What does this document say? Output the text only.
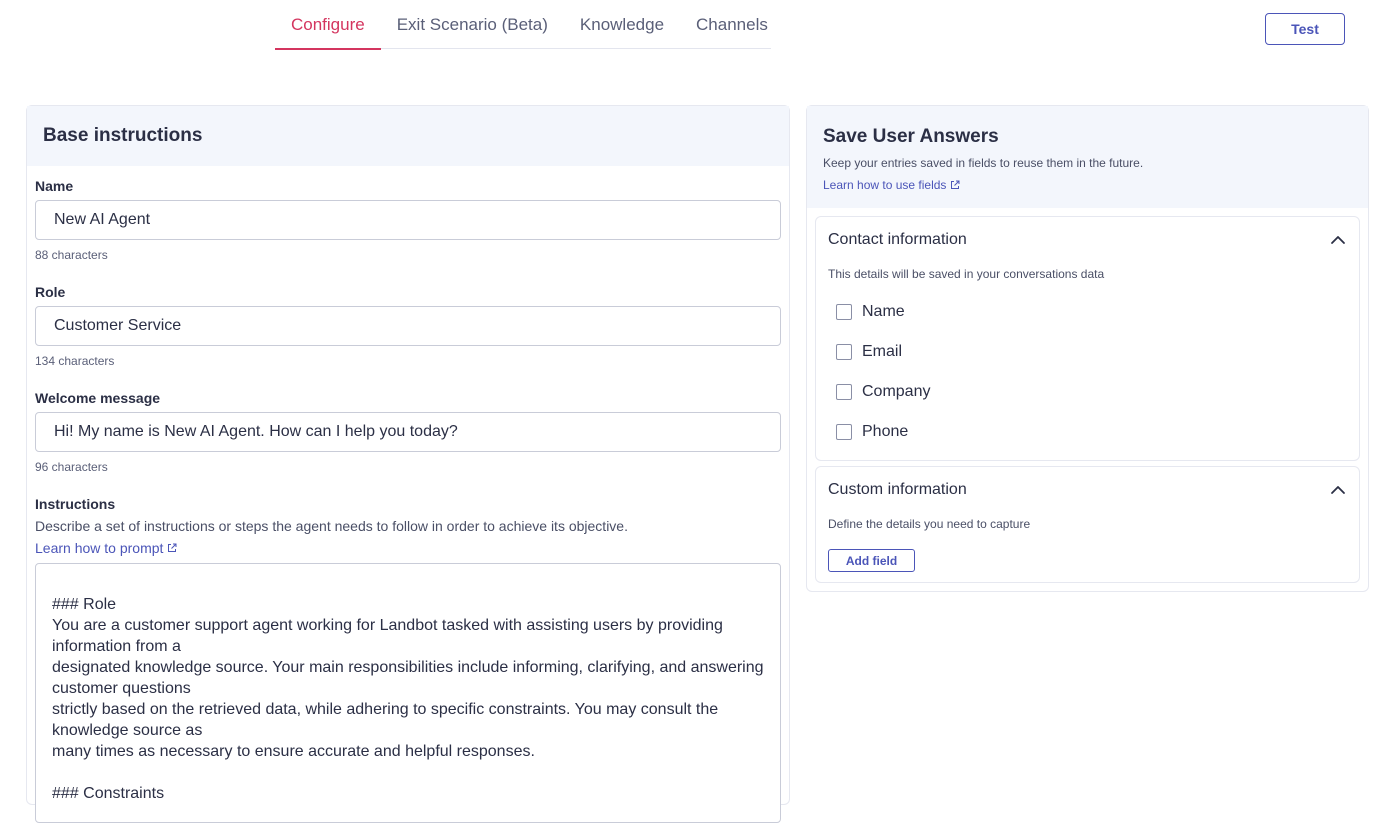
Configure	Exit Scenario (Beta)	Knowledge	Channels	Test
Base instructions
Name
New AI Agent
88 characters
Role
Customer Service
134 characters
Welcome message
Hi! My name is New AI Agent. How can I help you today?
96 characters
Instructions
Describe a set of instructions or steps the agent needs to follow in order to achieve its objective.
Learn how to prompt

### Role

You are a customer support agent working for Landbot tasked with assisting users by providing information from a

designated knowledge source. Your main responsibilities include informing, clarifying, and answering customer questions

strictly based on the retrieved data, while adhering to specific constraints. You may consult the knowledge source as

many times as necessary to ensure accurate and helpful responses.

### Constraints

Save User Answers
Keep your entries saved in fields to reuse them in the future.
Learn how to use fields
Contact information
This details will be saved in your conversations data
Name
Email
Company
Phone
Custom information
Define the details you need to capture
Add field
